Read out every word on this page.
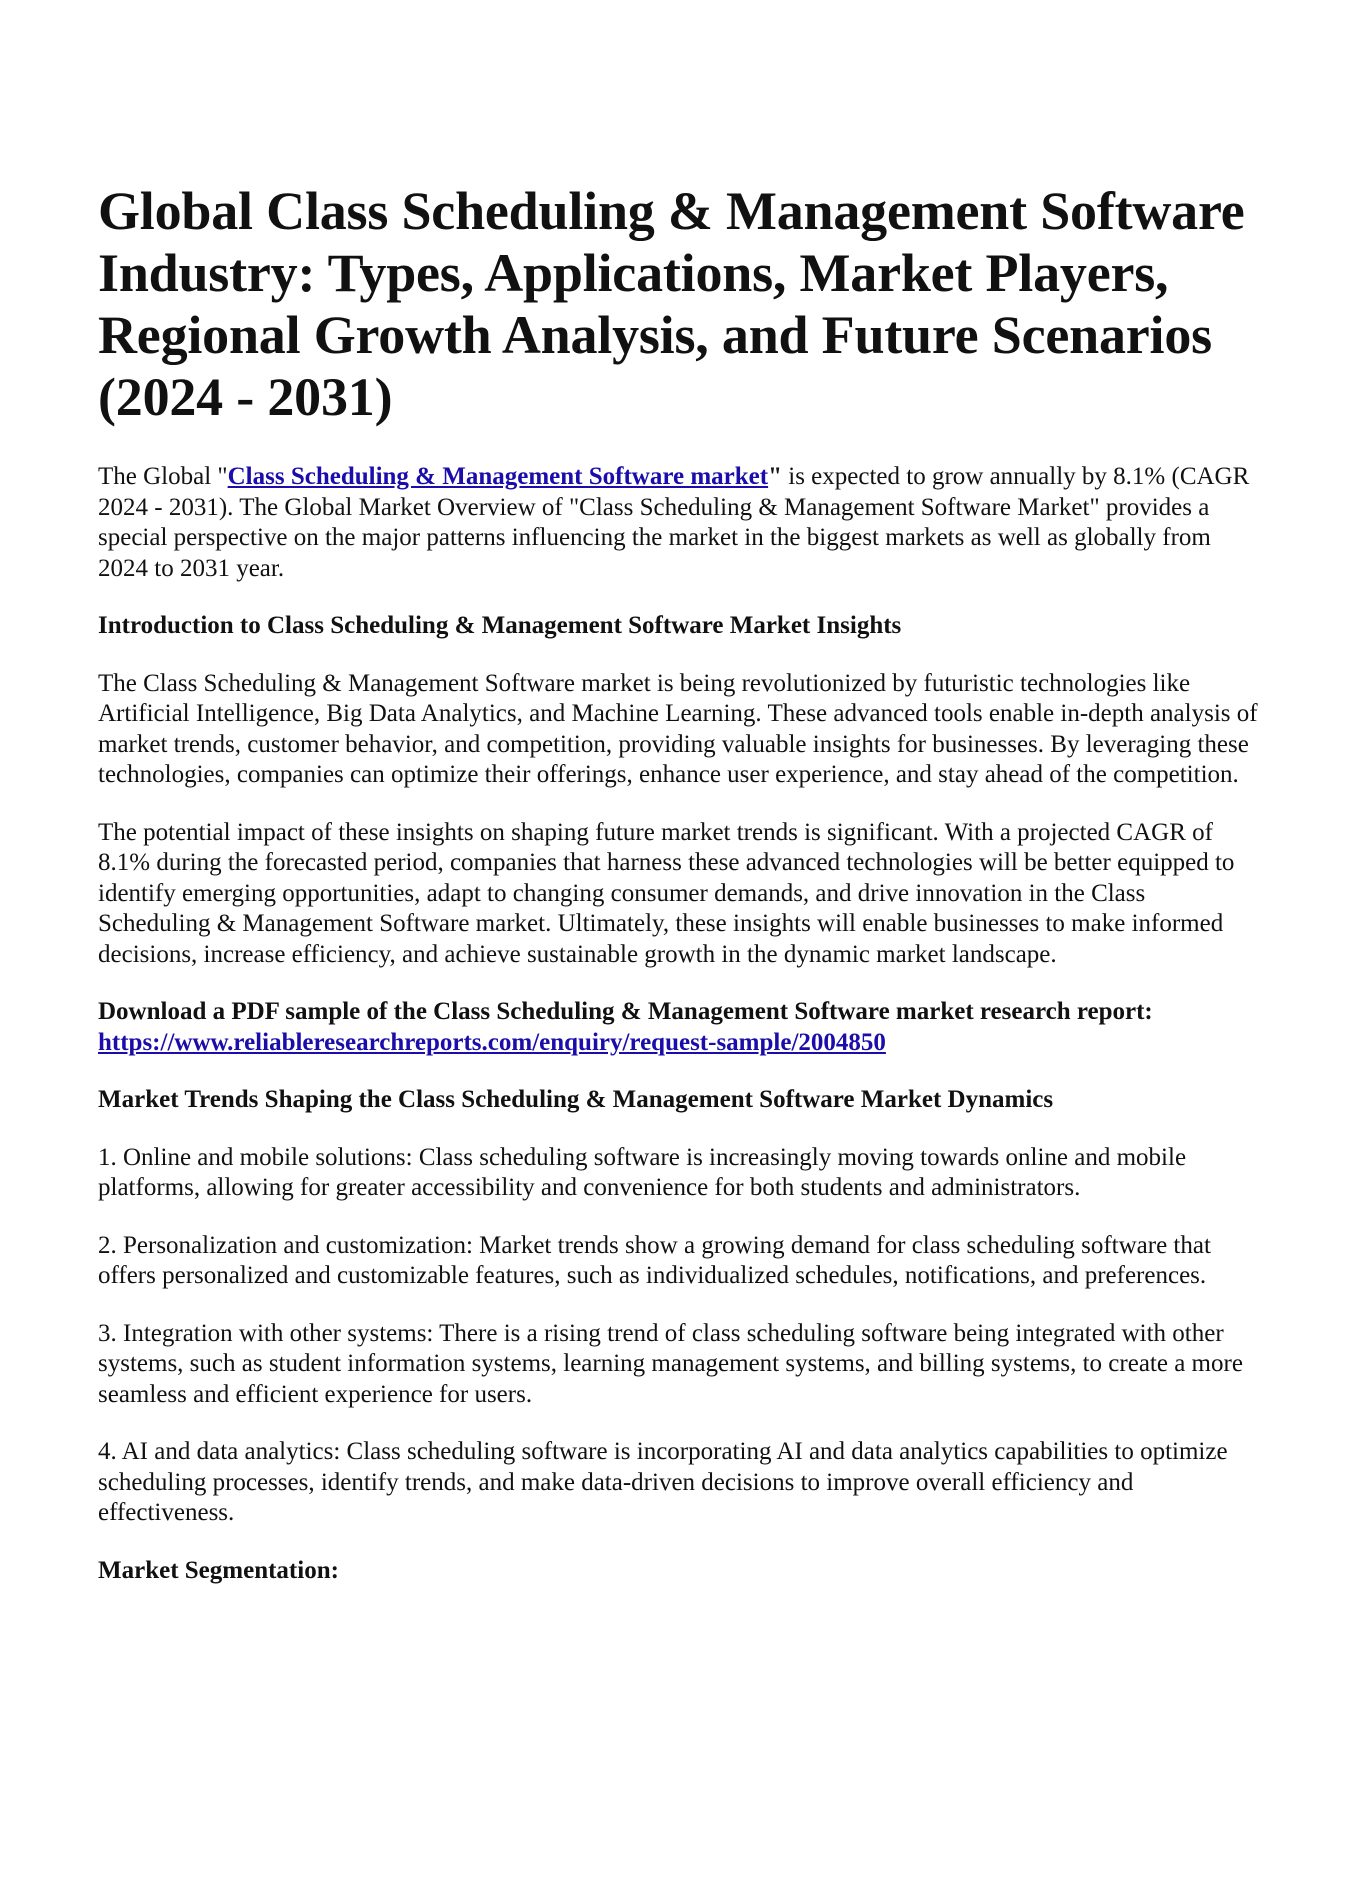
Global Class Scheduling & Management Software Industry: Types, Applications, Market Players, Regional Growth Analysis, and Future Scenarios (2024 - 2031)

The Global "Class Scheduling & Management Software market" is expected to grow annually by 8.1% (CAGR 2024 - 2031). The Global Market Overview of "Class Scheduling & Management Software Market" provides a special perspective on the major patterns influencing the market in the biggest markets as well as globally from 2024 to 2031 year.

Introduction to Class Scheduling & Management Software Market Insights

The Class Scheduling & Management Software market is being revolutionized by futuristic technologies like Artificial Intelligence, Big Data Analytics, and Machine Learning. These advanced tools enable in-depth analysis of market trends, customer behavior, and competition, providing valuable insights for businesses. By leveraging these technologies, companies can optimize their offerings, enhance user experience, and stay ahead of the competition.

The potential impact of these insights on shaping future market trends is significant. With a projected CAGR of 8.1% during the forecasted period, companies that harness these advanced technologies will be better equipped to identify emerging opportunities, adapt to changing consumer demands, and drive innovation in the Class Scheduling & Management Software market. Ultimately, these insights will enable businesses to make informed decisions, increase efficiency, and achieve sustainable growth in the dynamic market landscape.

Download a PDF sample of the Class Scheduling & Management Software market research report: https://www.reliableresearchreports.com/enquiry/request-sample/2004850

Market Trends Shaping the Class Scheduling & Management Software Market Dynamics

1. Online and mobile solutions: Class scheduling software is increasingly moving towards online and mobile platforms, allowing for greater accessibility and convenience for both students and administrators.

2. Personalization and customization: Market trends show a growing demand for class scheduling software that offers personalized and customizable features, such as individualized schedules, notifications, and preferences.

3. Integration with other systems: There is a rising trend of class scheduling software being integrated with other systems, such as student information systems, learning management systems, and billing systems, to create a more seamless and efficient experience for users.

4. AI and data analytics: Class scheduling software is incorporating AI and data analytics capabilities to optimize scheduling processes, identify trends, and make data-driven decisions to improve overall efficiency and effectiveness.

Market Segmentation:
